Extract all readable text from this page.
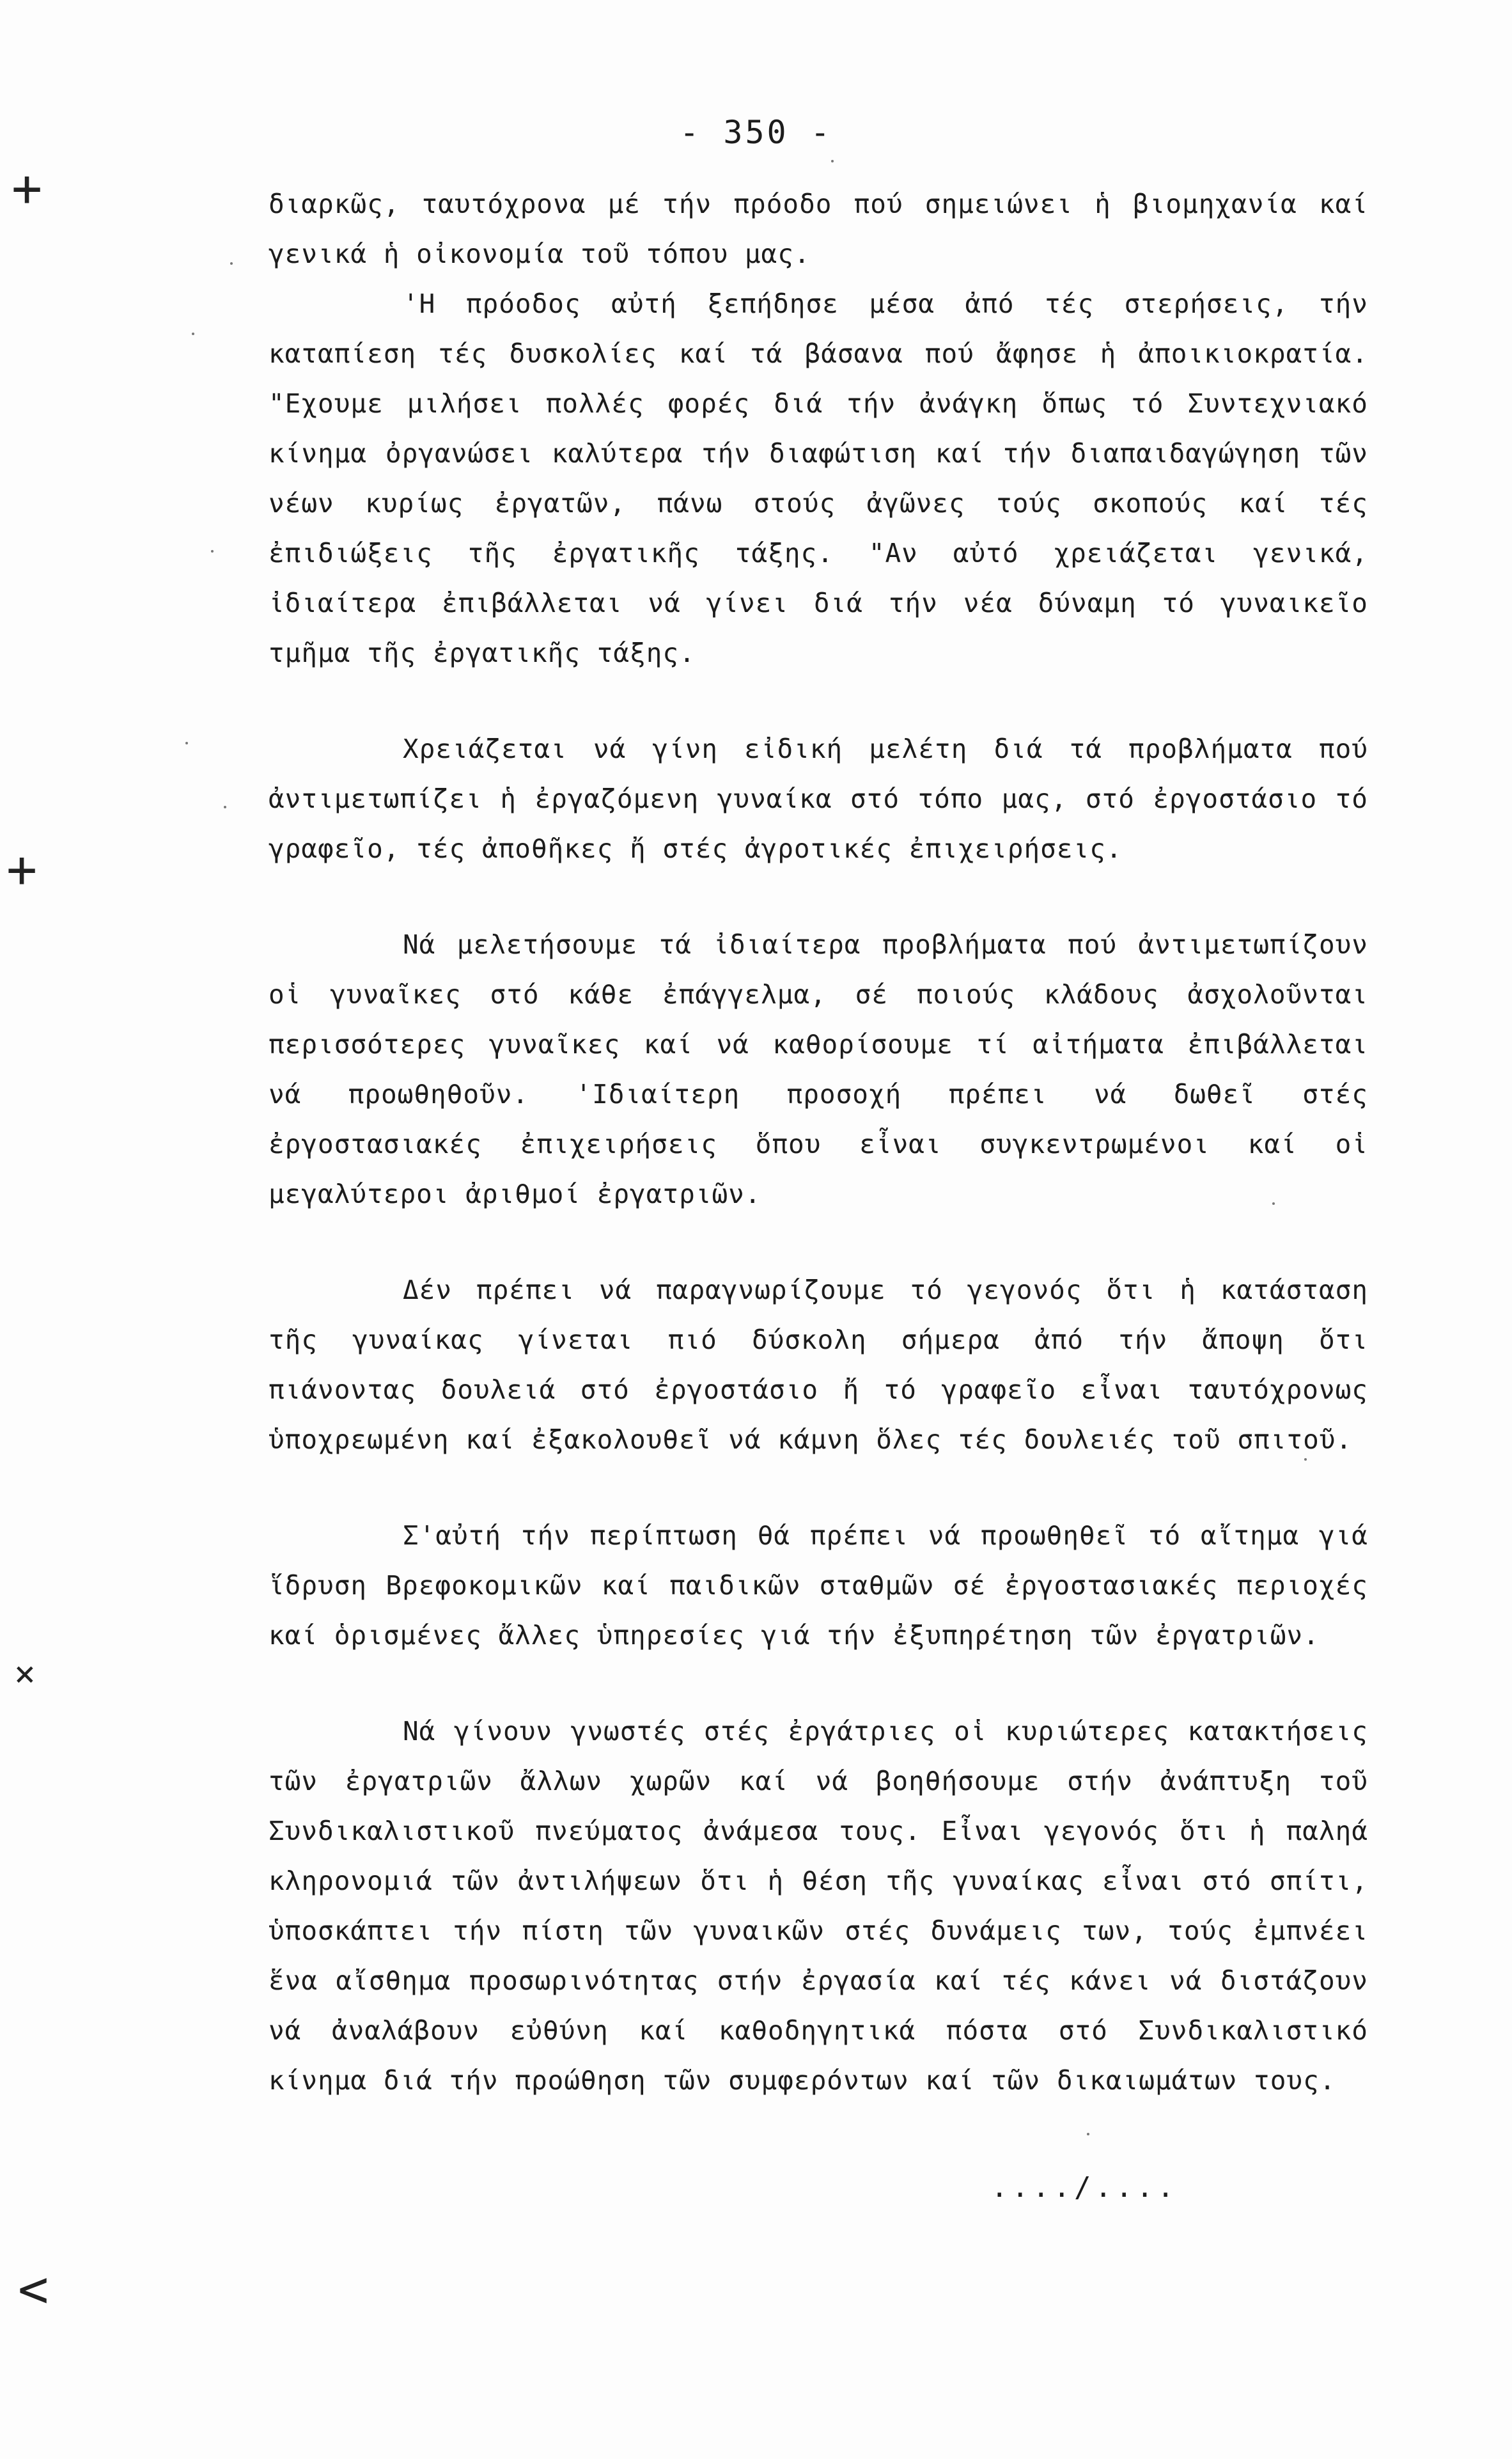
- 350 -

διαρκῶς, ταυτόχρονα μέ τήν πρόοδο πού σημειώνει ἡ βιομηχανία καί γενικά ἡ οἰκονομία τοῦ τόπου μας.

'Η πρόοδος αὐτή ξεπήδησε μέσα ἀπό τές στερήσεις, τήν καταπίεση τές δυσκολίες καί τά βάσανα πού ἄφησε ἡ ἀποικιοκρατία. "Εχουμε μιλήσει πολλές φορές διά τήν ἀνάγκη ὅπως τό Συντεχνιακό κίνημα ὀργανώσει καλύτερα τήν διαφώτιση καί τήν διαπαιδαγώγηση τῶν νέων κυρίως ἐργατῶν, πάνω στούς ἀγῶνες τούς σκοπούς καί τές ἐπιδιώξεις τῆς ἐργατικῆς τάξης. "Αν αὐτό χρειάζεται γενικά, ἰδιαίτερα ἐπιβάλλεται νά γίνει διά τήν νέα δύναμη τό γυναικεῖο τμῆμα τῆς ἐργατικῆς τάξης.

Χρειάζεται νά γίνη εἰδική μελέτη διά τά προβλήματα πού ἀντιμετωπίζει ἡ ἐργαζόμενη γυναίκα στό τόπο μας, στό ἐργοστάσιο τό γραφεῖο, τές ἀποθῆκες ἤ στές ἀγροτικές ἐπιχειρήσεις.

Νά μελετήσουμε τά ἰδιαίτερα προβλήματα πού ἀντιμετωπίζουν οἱ γυναῖκες στό κάθε ἐπάγγελμα, σέ ποιούς κλάδους ἀσχολοῦνται περισσότερες γυναῖκες καί νά καθορίσουμε τί αἰτήματα ἐπιβάλλεται νά προωθηθοῦν. 'Ιδιαίτερη προσοχή πρέπει νά δωθεῖ στές ἐργοστασιακές ἐπιχειρήσεις ὅπου εἶναι συγκεντρωμένοι καί οἱ μεγαλύτεροι ἀριθμοί ἐργατριῶν.

Δέν πρέπει νά παραγνωρίζουμε τό γεγονός ὅτι ἡ κατάσταση τῆς γυναίκας γίνεται πιό δύσκολη σήμερα ἀπό τήν ἄποψη ὅτι πιάνοντας δουλειά στό ἐργοστάσιο ἤ τό γραφεῖο εἶναι ταυτόχρονως ὑποχρεωμένη καί ἐξακολουθεῖ νά κάμνη ὅλες τές δουλειές τοῦ σπιτοῦ.

Σ'αὐτή τήν περίπτωση θά πρέπει νά προωθηθεῖ τό αἴτημα γιά ἵδρυση Βρεφοκομικῶν καί παιδικῶν σταθμῶν σέ ἐργοστασιακές περιοχές καί ὁρισμένες ἄλλες ὑπηρεσίες γιά τήν ἐξυπηρέτηση τῶν ἐργατριῶν.

Νά γίνουν γνωστές στές ἐργάτριες οἱ κυριώτερες κατακτήσεις τῶν ἐργατριῶν ἄλλων χωρῶν καί νά βοηθήσουμε στήν ἀνάπτυξη τοῦ Συνδικαλιστικοῦ πνεύματος ἀνάμεσα τους. Εἶναι γεγονός ὅτι ἡ παληά κληρονομιά τῶν ἀντιλήψεων ὅτι ἡ θέση τῆς γυναίκας εἶναι στό σπίτι, ὑποσκάπτει τήν πίστη τῶν γυναικῶν στές δυνάμεις των, τούς ἐμπνέει ἕνα αἴσθημα προσωρινότητας στήν ἐργασία καί τές κάνει νά διστάζουν νά ἀναλάβουν εὐθύνη καί καθοδηγητικά πόστα στό Συνδικαλιστικό κίνημα διά τήν προώθηση τῶν συμφερόντων καί τῶν δικαιωμάτων τους.

..../....
+
+
×
<
